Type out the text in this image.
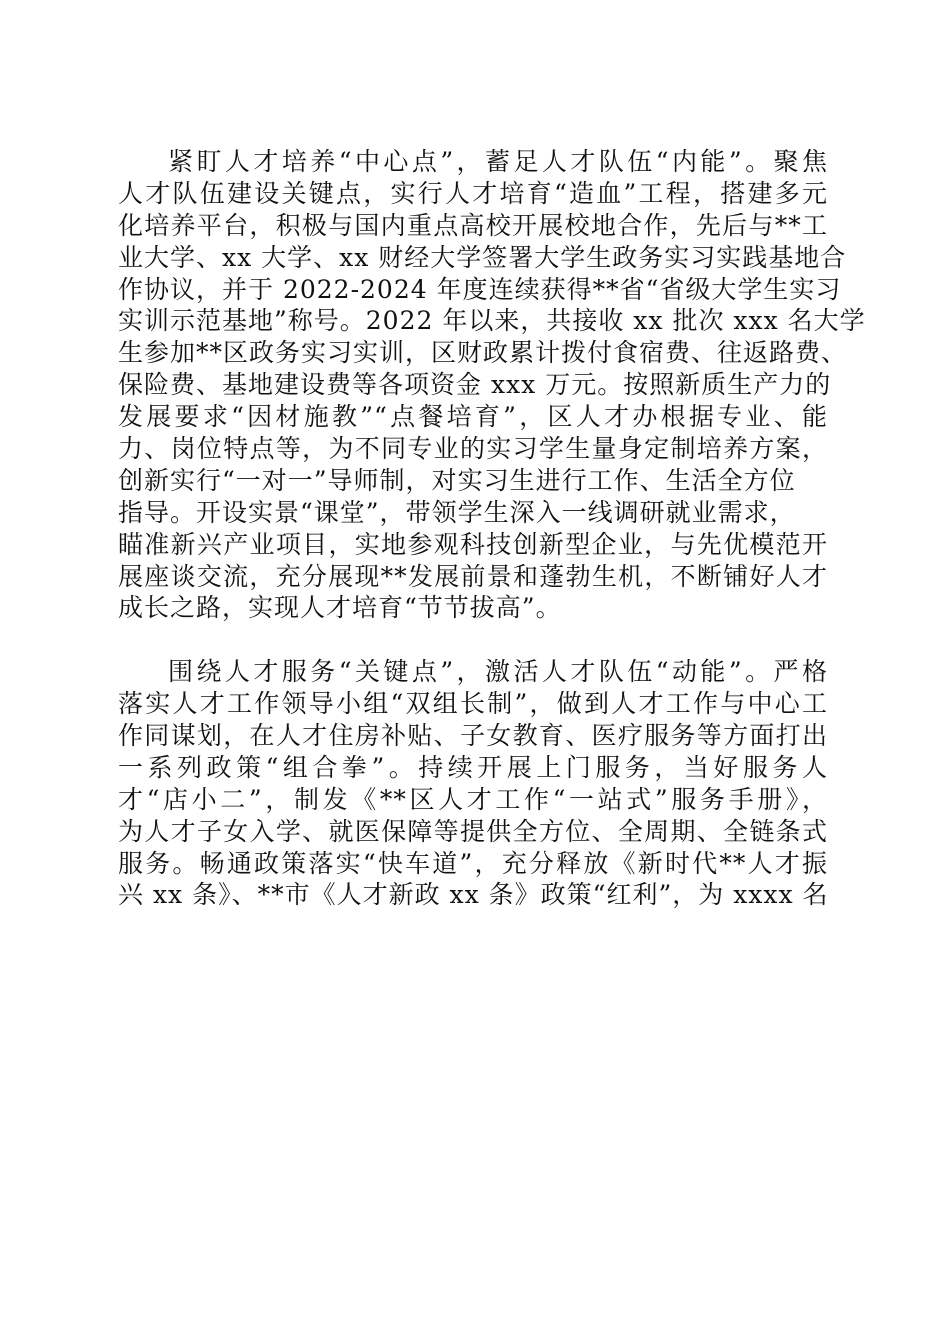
紧盯人才培养“中心点”，蓄足人才队伍“内能”。聚焦
人才队伍建设关键点，实行人才培育“造血”工程，搭建多元
化培养平台，积极与国内重点高校开展校地合作，先后与**工
业大学、xx 大学、xx 财经大学签署大学生政务实习实践基地合
作协议，并于 2022-2024 年度连续获得**省“省级大学生实习
实训示范基地”称号。2022 年以来，共接收 xx 批次 xxx 名大学
生参加**区政务实习实训，区财政累计拨付食宿费、往返路费、
保险费、基地建设费等各项资金 xxx 万元。按照新质生产力的
发展要求“因材施教”“点餐培育”，区人才办根据专业、能
力、岗位特点等，为不同专业的实习学生量身定制培养方案，
创新实行“一对一”导师制，对实习生进行工作、生活全方位
指导。开设实景“课堂”，带领学生深入一线调研就业需求，
瞄准新兴产业项目，实地参观科技创新型企业，与先优模范开
展座谈交流，充分展现**发展前景和蓬勃生机，不断铺好人才
成长之路，实现人才培育“节节拔高”。
围绕人才服务“关键点”，激活人才队伍“动能”。严格
落实人才工作领导小组“双组长制”，做到人才工作与中心工
作同谋划，在人才住房补贴、子女教育、医疗服务等方面打出
一系列政策“组合拳”。持续开展上门服务，当好服务人
才“店小二”，制发《**区人才工作“一站式”服务手册》，
为人才子女入学、就医保障等提供全方位、全周期、全链条式
服务。畅通政策落实“快车道”，充分释放《新时代**人才振
兴 xx 条》、**市《人才新政 xx 条》政策“红利”，为 xxxx 名
